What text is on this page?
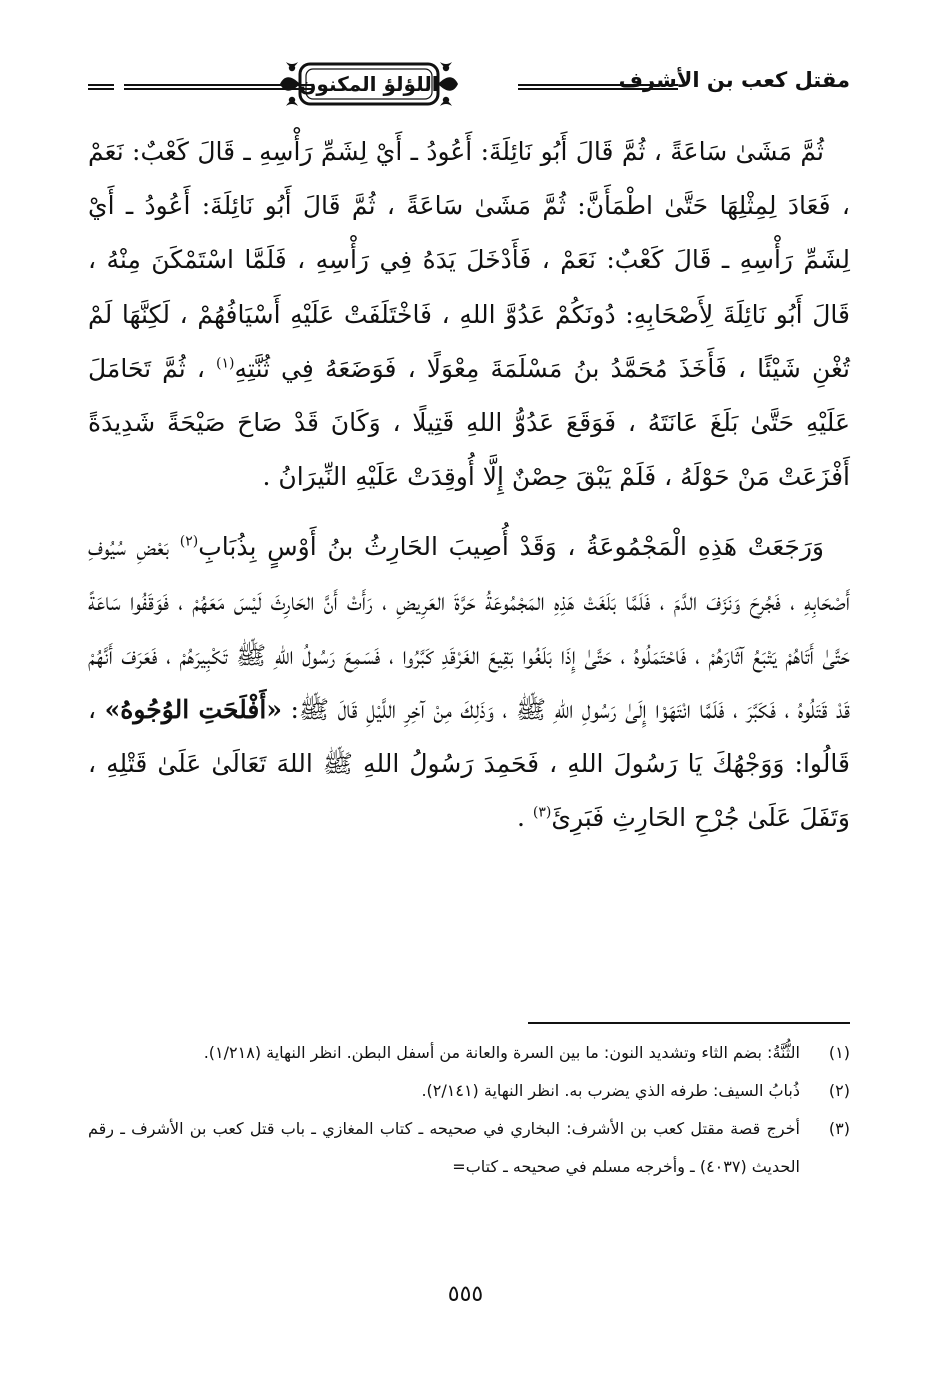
مقتل كعب بن الأشرف
اللؤلؤ المكنون

ثُمَّ مَشَىٰ سَاعَةً ، ثُمَّ قَالَ أَبُو نَائِلَةَ: أَعُودُ ـ أَيْ لِشَمِّ رَأْسِهِ ـ قَالَ كَعْبٌ: نَعَمْ ، فَعَادَ لِمِثْلِهَا حَتَّىٰ اطْمَأَنَّ: ثُمَّ مَشَىٰ سَاعَةً ، ثُمَّ قَالَ أَبُو نَائِلَةَ: أَعُودُ ـ أَيْ لِشَمِّ رَأْسِهِ ـ قَالَ كَعْبٌ: نَعَمْ ، فَأَدْخَلَ يَدَهُ فِي رَأْسِهِ ، فَلَمَّا اسْتَمْكَنَ مِنْهُ ، قَالَ أَبُو نَائِلَةَ لِأَصْحَابِهِ: دُونَكُمْ عَدُوَّ اللهِ ، فَاخْتَلَفَتْ عَلَيْهِ أَسْيَافُهُمْ ، لَكِنَّهَا لَمْ تُغْنِ شَيْئًا ، فَأَخَذَ مُحَمَّدُ بنُ مَسْلَمَةَ مِعْوَلًا ، فَوَضَعَهُ فِي ثُنَّتِهِ$^{(١)}$ ، ثُمَّ تَحَامَلَ عَلَيْهِ حَتَّىٰ بَلَغَ عَانَتَهُ ، فَوَقَعَ عَدُوُّ اللهِ قَتِيلًا ، وَكَانَ قَدْ صَاحَ صَيْحَةً شَدِيدَةً أَفْزَعَتْ مَنْ حَوْلَهُ ، فَلَمْ يَبْقَ حِصْنٌ إِلَّا أُوقِدَتْ عَلَيْهِ النِّيرَانُ .

وَرَجَعَتْ هَذِهِ الْمَجْمُوعَةُ ، وَقَدْ أُصِيبَ الحَارِثُ بنُ أَوْسٍ بِذُبَابِ$^{(٢)}$ بَعْضِ سُيُوفِ أَصْحَابِهِ ، فَجُرِحَ وَنَزَفَ الدَّمَ ، فَلَمَّا بَلَغَتْ هَذِهِ المَجْمُوعَةُ حَرَّةَ العَرِيضِ ، رَأَتْ أَنَّ الحَارِثَ لَيْسَ مَعَهُمْ ، فَوَقَفُوا سَاعَةً حَتَّىٰ أَتَاهُمْ يَتْبَعُ آثَارَهُمْ ، فَاحْتَمَلُوهُ ، حَتَّىٰ إِذَا بَلَغُوا بَقِيعَ الغَرْقَدِ كَبَّرُوا ، فَسَمِعَ رَسُولُ اللهِ ﷺ تَكْبِيرَهُمْ ، فَعَرَفَ أَنَّهُمْ قَدْ قَتَلُوهُ ، فَكَبَّرَ ، فَلَمَّا انْتَهَوْا إِلَىٰ رَسُولِ اللهِ ﷺ ، وَذَلِكَ مِنْ آخِرِ اللَّيْلِ قَالَ ﷺ: «أَفْلَحَتِ الوُجُوهُ» ، قَالُوا: وَوَجْهُكَ يَا رَسُولَ اللهِ ، فَحَمِدَ رَسُولُ اللهِ ﷺ اللهَ تَعَالَىٰ عَلَىٰ قَتْلِهِ ، وَتَفَلَ عَلَىٰ جُرْحِ الحَارِثِ فَبَرِئَ$^{(٣)}$ .

(١)
الثُّنَّةُ: بضم الثاء وتشديد النون: ما بين السرة والعانة من أسفل البطن. انظر النهاية (١/٢١٨).
(٢)
ذُبابُ السيف: طرفه الذي يضرب به. انظر النهاية (٢/١٤١).
(٣)
أخرج قصة مقتل كعب بن الأشرف: البخاري في صحيحه ـ كتاب المغازي ـ باب قتل كعب بن الأشرف ـ رقم الحديث (٤٠٣٧) ـ وأخرجه مسلم في صحيحه ـ كتاب=
٥٥٥
